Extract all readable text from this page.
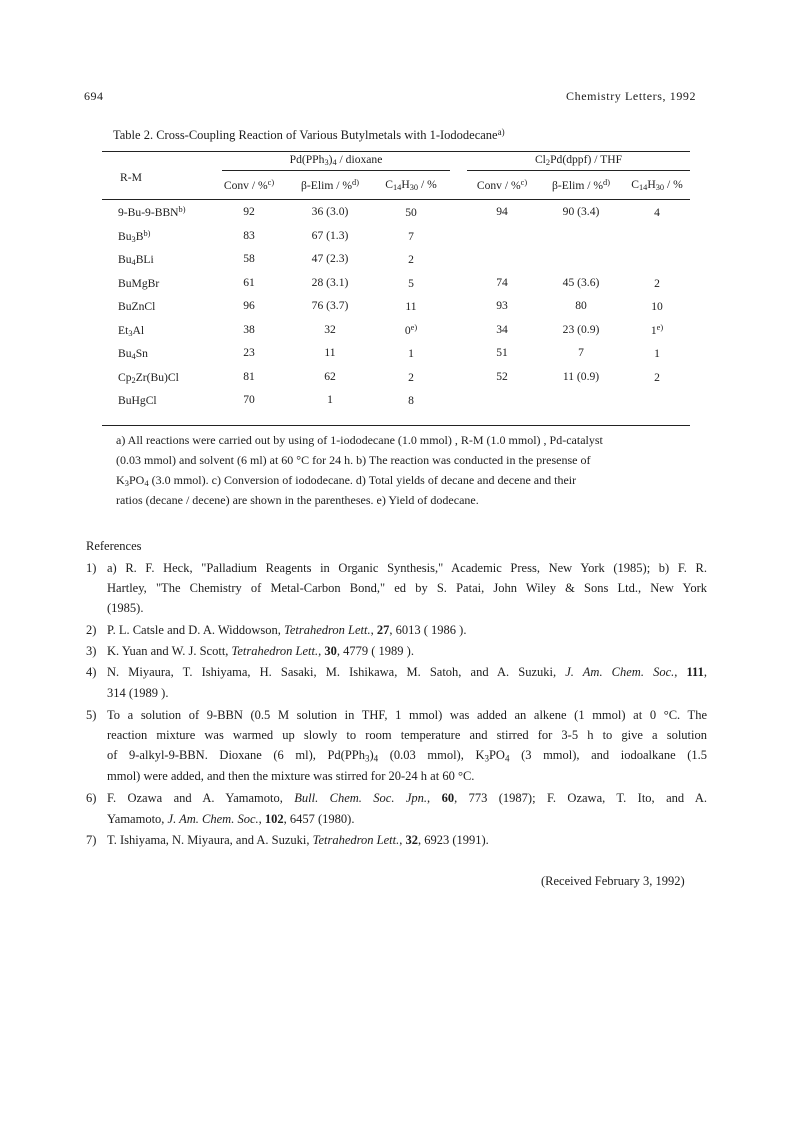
694	Chemistry Letters, 1992
Table 2. Cross-Coupling Reaction of Various Butylmetals with 1-Iododecane$^{a)}$
R-M
$Pd(PPh_3)_4$ / dioxane	$Cl_2Pd(dppf)$ / THF
Conv / %$^{c)}$	β-Elim / %$^{d)}$	$C_{14}H_{30}$ / %	Conv / %$^{c)}$	β-Elim / %$^{d)}$	$C_{14}H_{30}$ / %
9-Bu-9-BBN$^{b)}$	92	36 (3.0)	50	94	90 (3.4)	4
$Bu_3B^{b)}$	83	67 (1.3)	7
$Bu_4BLi$	58	47 (2.3)	2
BuMgBr	61	28 (3.1)	5	74	45 (3.6)	2
BuZnCl	96	76 (3.7)	11	93	80	10
$Et_3Al$	38	32	0$^{e)}$	34	23 (0.9)	1$^{e)}$
$Bu_4Sn$	23	11	1	51	7	1
$Cp_2Zr(Bu)Cl$	81	62	2	52	11 (0.9)	2
BuHgCl	70	1	8
a) All reactions were carried out by using of 1-iododecane (1.0 mmol) , R-M (1.0 mmol) , Pd-catalyst
(0.03 mmol) and solvent (6 ml) at 60 °C for 24 h. b) The reaction was conducted in the presense of
$K_3PO_4$ (3.0 mmol). c) Conversion of iododecane. d) Total yields of decane and decene and their
ratios (decane / decene) are shown in the parentheses. e) Yield of dodecane.
References
1) a) R. F. Heck, "Palladium Reagents in Organic Synthesis," Academic Press, New York (1985); b) F. R.
Hartley, "The Chemistry of Metal-Carbon Bond," ed by S. Patai, John Wiley & Sons Ltd., New York
(1985).
2) P. L. Catsle and D. A. Widdowson, Tetrahedron Lett., 27, 6013 ( 1986 ).
3) K. Yuan and W. J. Scott, Tetrahedron Lett., 30, 4779 ( 1989 ).
4) N. Miyaura, T. Ishiyama, H. Sasaki, M. Ishikawa, M. Satoh, and A. Suzuki, J. Am. Chem. Soc., 111,
314 (1989 ).
5) To a solution of 9-BBN (0.5 M solution in THF, 1 mmol) was added an alkene (1 mmol) at 0 °C. The
reaction mixture was warmed up slowly to room temperature and stirred for 3-5 h to give a solution
of 9-alkyl-9-BBN. Dioxane (6 ml), $Pd(PPh_3)_4$ (0.03 mmol), $K_3PO_4$ (3 mmol), and iodoalkane (1.5
mmol) were added, and then the mixture was stirred for 20-24 h at 60 °C.
6) F. Ozawa and A. Yamamoto, Bull. Chem. Soc. Jpn., 60, 773 (1987); F. Ozawa, T. Ito, and A.
Yamamoto, J. Am. Chem. Soc., 102, 6457 (1980).
7) T. Ishiyama, N. Miyaura, and A. Suzuki, Tetrahedron Lett., 32, 6923 (1991).
(Received February 3, 1992)
